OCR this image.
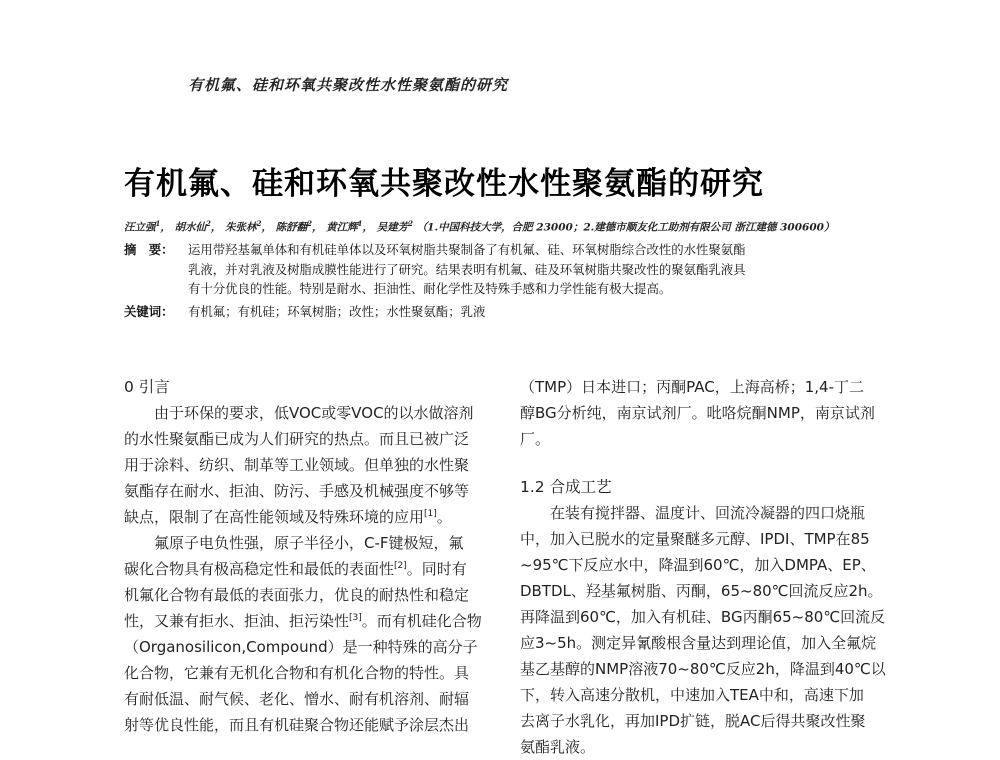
有机氟、硅和环氧共聚改性水性聚氨酯的研究
有机氟、硅和环氧共聚改性水性聚氨酯的研究
汪立强$^1$， 胡水仙$^2$， 朱张林$^2$， 陈舒翻$^2$， 黄江辉$^1$， 吴建芳$^2$ （1.中国科技大学，合肥 23000；2.建德市顺友化工助剂有限公司 浙江建德 300600）
摘　要：	运用带羟基氟单体和有机硅单体以及环氧树脂共聚制备了有机氟、硅、环氧树脂综合改性的水性聚氨酯
乳液，并对乳液及树脂成膜性能进行了研究。结果表明有机氟、硅及环氧树脂共聚改性的聚氨酯乳液具
有十分优良的性能。特别是耐水、拒油性、耐化学性及特殊手感和力学性能有极大提高。
关键词：	有机氟；有机硅；环氧树脂；改性；水性聚氨酯；乳液
0 引言
由于环保的要求，低VOC或零VOC的以水做溶剂
的水性聚氨酯已成为人们研究的热点。而且已被广泛
用于涂料、纺织、制革等工业领域。但单独的水性聚
氨酯存在耐水、拒油、防污、手感及机械强度不够等
缺点，限制了在高性能领域及特殊环境的应用[1]。
氟原子电负性强，原子半径小，C-F键极短，氟
碳化合物具有极高稳定性和最低的表面性[2]。同时有
机氟化合物有最低的表面张力，优良的耐热性和稳定
性，又兼有拒水、拒油、拒污染性[3]。而有机硅化合物
（Organosilicon,Compound）是一种特殊的高分子
化合物，它兼有无机化合物和有机化合物的特性。具
有耐低温、耐气候、老化、憎水、耐有机溶剂、耐辐
射等优良性能，而且有机硅聚合物还能赋予涂层杰出
（TMP）日本进口；丙酮PAC，上海高桥；1,4-丁二
醇BG分析纯，南京试剂厂。吡咯烷酮NMP，南京试剂
厂。
1.2 合成工艺
在装有搅拌器、温度计、回流冷凝器的四口烧瓶
中，加入已脱水的定量聚醚多元醇、IPDI、TMP在85
~95℃下反应水中，降温到60℃，加入DMPA、EP、
DBTDL、羟基氟树脂、丙酮，65~80℃回流反应2h。
再降温到60℃，加入有机硅、BG丙酮65~80℃回流反
应3~5h。测定异氰酸根含量达到理论值，加入全氟烷
基乙基醇的NMP溶液70~80℃反应2h，降温到40℃以
下，转入高速分散机，中速加入TEA中和，高速下加
去离子水乳化，再加IPD扩链，脱AC后得共聚改性聚
氨酯乳液。
